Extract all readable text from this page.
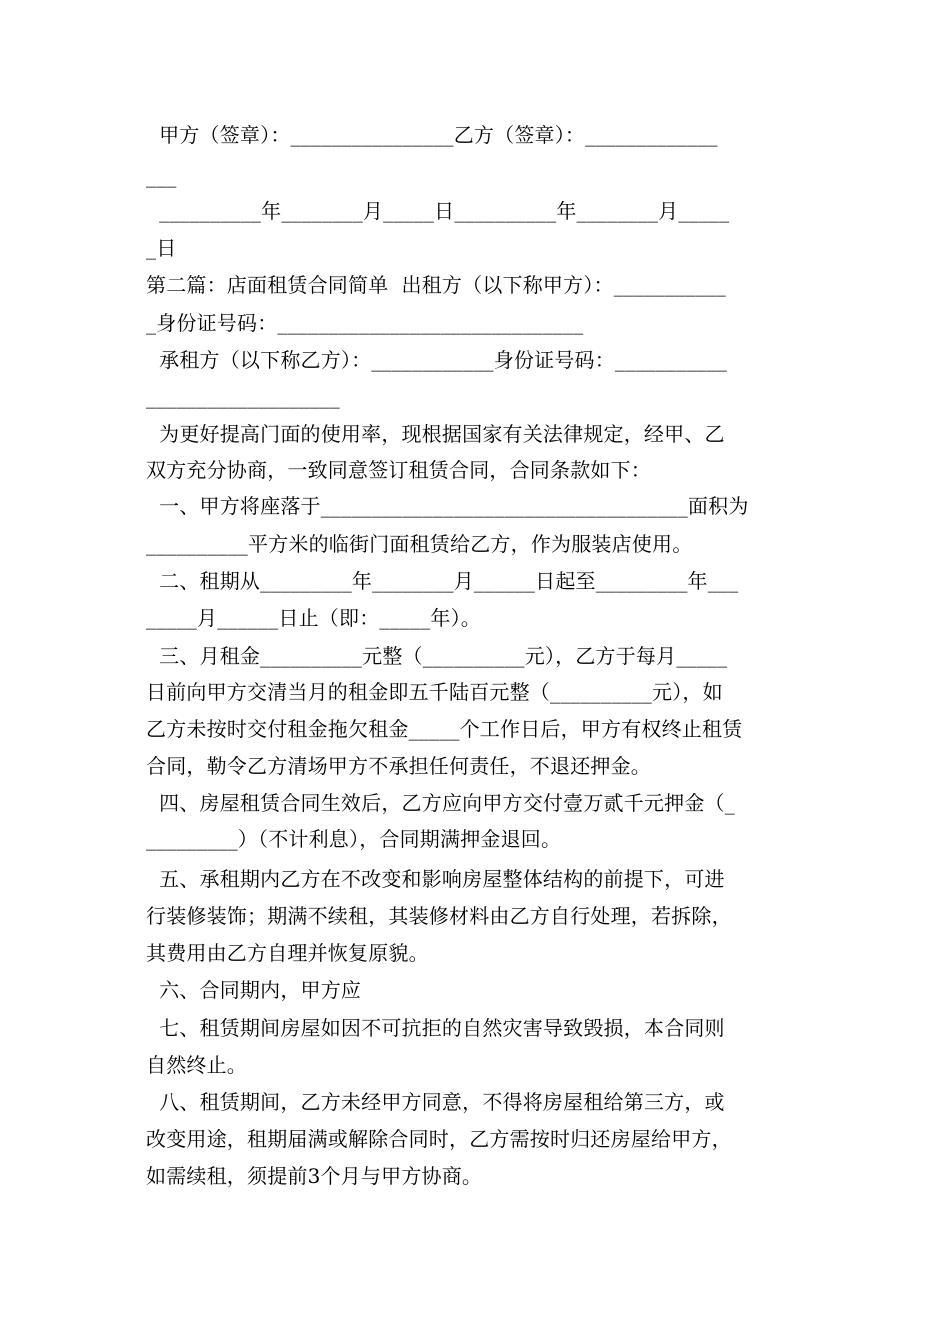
甲方（签章）：________________乙方（签章）：_____________
___
__________年________月_____日__________年________月_____
_日
第二篇：店面租赁合同简单  出租方（以下称甲方）：___________
_身份证号码：______________________________
承租方（以下称乙方）：____________身份证号码：___________
___________________
为更好提高门面的使用率，现根据国家有关法律规定，经甲、乙
双方充分协商，一致同意签订租赁合同，合同条款如下：
一、甲方将座落于____________________________________面积为
__________平方米的临街门面租赁给乙方，作为服装店使用。
二、租期从_________年________月______日起至_________年___
_____月______日止（即：_____年）。
三、月租金__________元整（__________元），乙方于每月_____
日前向甲方交清当月的租金即五千陆百元整（__________元），如
乙方未按时交付租金拖欠租金_____个工作日后，甲方有权终止租赁
合同，勒令乙方清场甲方不承担任何责任，不退还押金。
四、房屋租赁合同生效后，乙方应向甲方交付壹万贰千元押金（_
_________）（不计利息），合同期满押金退回。
五、承租期内乙方在不改变和影响房屋整体结构的前提下，可进
行装修装饰；期满不续租，其装修材料由乙方自行处理，若拆除，
其费用由乙方自理并恢复原貌。
六、合同期内，甲方应
七、租赁期间房屋如因不可抗拒的自然灾害导致毁损，本合同则
自然终止。
八、租赁期间，乙方未经甲方同意，不得将房屋租给第三方，或
改变用途，租期届满或解除合同时，乙方需按时归还房屋给甲方，
如需续租，须提前3个月与甲方协商。
